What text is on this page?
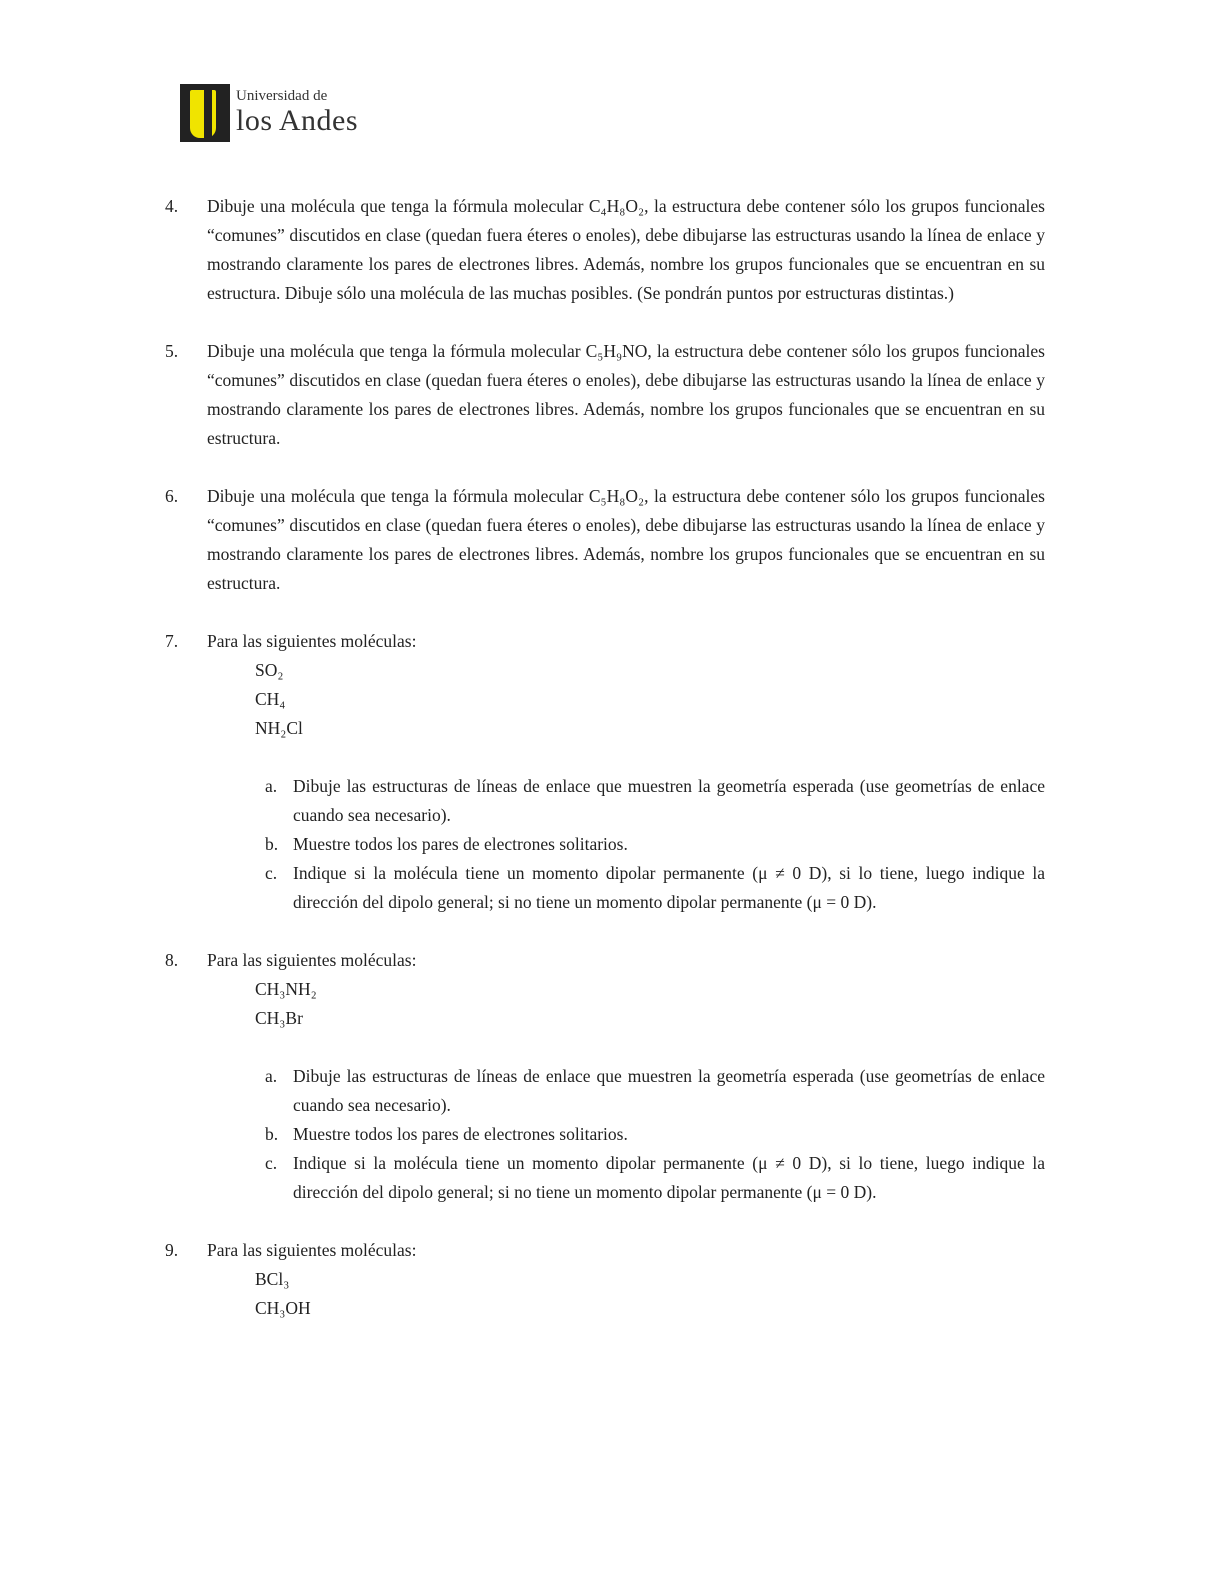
Universidad de
los Andes
4. Dibuje una molécula que tenga la fórmula molecular C₄H₈O₂, la estructura debe contener sólo los grupos funcionales “comunes” discutidos en clase (quedan fuera éteres o enoles), debe dibujarse las estructuras usando la línea de enlace y mostrando claramente los pares de electrones libres. Además, nombre los grupos funcionales que se encuentran en su estructura. Dibuje sólo una molécula de las muchas posibles. (Se pondrán puntos por estructuras distintas.)
5. Dibuje una molécula que tenga la fórmula molecular C₅H₉NO, la estructura debe contener sólo los grupos funcionales “comunes” discutidos en clase (quedan fuera éteres o enoles), debe dibujarse las estructuras usando la línea de enlace y mostrando claramente los pares de electrones libres. Además, nombre los grupos funcionales que se encuentran en su estructura.
6. Dibuje una molécula que tenga la fórmula molecular C₅H₈O₂, la estructura debe contener sólo los grupos funcionales “comunes” discutidos en clase (quedan fuera éteres o enoles), debe dibujarse las estructuras usando la línea de enlace y mostrando claramente los pares de electrones libres. Además, nombre los grupos funcionales que se encuentran en su estructura.
7. Para las siguientes moléculas:
SO₂
CH₄
NH₂Cl
a. Dibuje las estructuras de líneas de enlace que muestren la geometría esperada (use geometrías de enlace cuando sea necesario).
b. Muestre todos los pares de electrones solitarios.
c. Indique si la molécula tiene un momento dipolar permanente (μ ≠ 0 D), si lo tiene, luego indique la dirección del dipolo general; si no tiene un momento dipolar permanente (μ = 0 D).
8. Para las siguientes moléculas:
CH₃NH₂
CH₃Br
a. Dibuje las estructuras de líneas de enlace que muestren la geometría esperada (use geometrías de enlace cuando sea necesario).
b. Muestre todos los pares de electrones solitarios.
c. Indique si la molécula tiene un momento dipolar permanente (μ ≠ 0 D), si lo tiene, luego indique la dirección del dipolo general; si no tiene un momento dipolar permanente (μ = 0 D).
9. Para las siguientes moléculas:
BCl₃
CH₃OH
